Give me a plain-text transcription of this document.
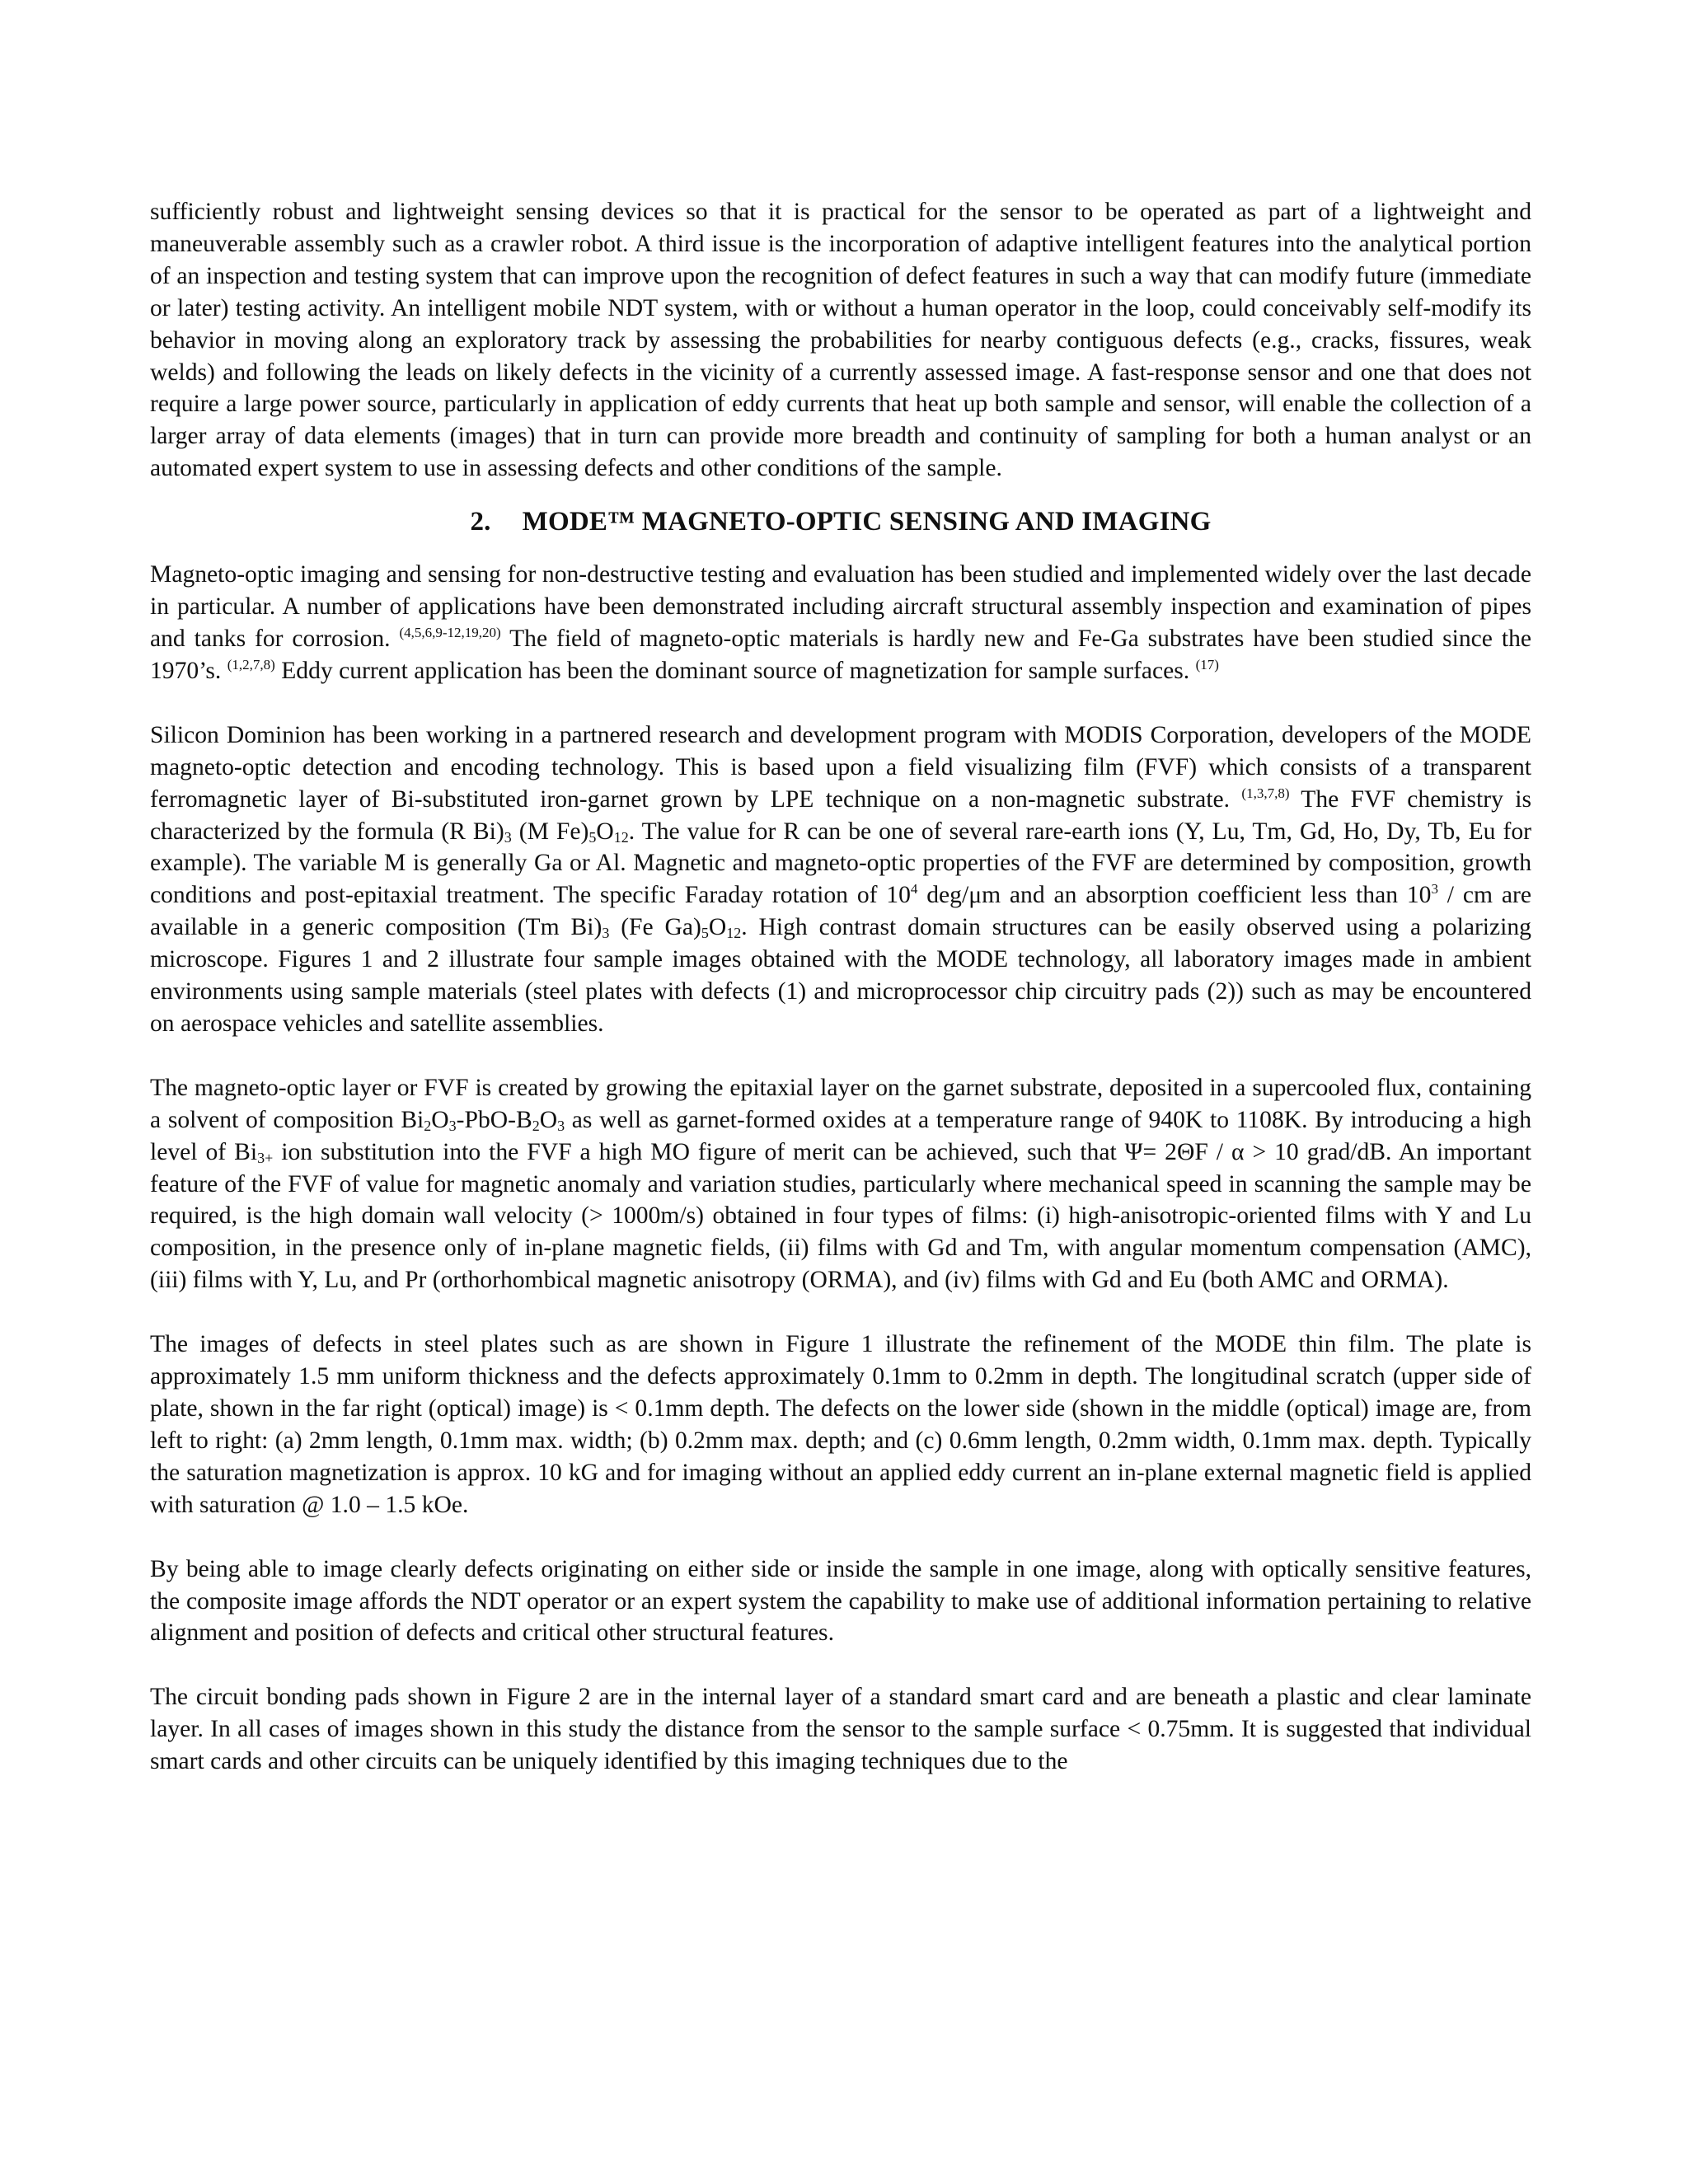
sufficiently robust and lightweight sensing devices so that it is practical for the sensor to be operated as part of a lightweight and maneuverable assembly such as a crawler robot. A third issue is the incorporation of adaptive intelligent features into the analytical portion of an inspection and testing system that can improve upon the recognition of defect features in such a way that can modify future (immediate or later) testing activity. An intelligent mobile NDT system, with or without a human operator in the loop, could conceivably self-modify its behavior in moving along an exploratory track by assessing the probabilities for nearby contiguous defects (e.g., cracks, fissures, weak welds) and following the leads on likely defects in the vicinity of a currently assessed image. A fast-response sensor and one that does not require a large power source, particularly in application of eddy currents that heat up both sample and sensor, will enable the collection of a larger array of data elements (images) that in turn can provide more breadth and continuity of sampling for both a human analyst or an automated expert system to use in assessing defects and other conditions of the sample.

2. MODE™ MAGNETO-OPTIC SENSING AND IMAGING

Magneto-optic imaging and sensing for non-destructive testing and evaluation has been studied and implemented widely over the last decade in particular. A number of applications have been demonstrated including aircraft structural assembly inspection and examination of pipes and tanks for corrosion. $^{(4,5,6,9-12,19,20)}$ The field of magneto-optic materials is hardly new and Fe-Ga substrates have been studied since the 1970’s. $^{(1,2,7,8)}$ Eddy current application has been the dominant source of magnetization for sample surfaces. $^{(17)}$

Silicon Dominion has been working in a partnered research and development program with MODIS Corporation, developers of the MODE magneto-optic detection and encoding technology. This is based upon a field visualizing film (FVF) which consists of a transparent ferromagnetic layer of Bi-substituted iron-garnet grown by LPE technique on a non-magnetic substrate. $^{(1,3,7,8)}$ The FVF chemistry is characterized by the formula (R $Bi)_3$ (M $Fe)_5O_{12}$. The value for R can be one of several rare-earth ions (Y, Lu, Tm, Gd, Ho, Dy, Tb, Eu for example). The variable M is generally Ga or Al. Magnetic and magneto-optic properties of the FVF are determined by composition, growth conditions and post-epitaxial treatment. The specific Faraday rotation of $10^4$ deg/μm and an absorption coefficient less than $10^3$ / cm are available in a generic composition (Tm $Bi)_3$ (Fe $Ga)_5O_{12}$. High contrast domain structures can be easily observed using a polarizing microscope. Figures 1 and 2 illustrate four sample images obtained with the MODE technology, all laboratory images made in ambient environments using sample materials (steel plates with defects (1) and microprocessor chip circuitry pads (2)) such as may be encountered on aerospace vehicles and satellite assemblies.

The magneto-optic layer or FVF is created by growing the epitaxial layer on the garnet substrate, deposited in a supercooled flux, containing a solvent of composition $Bi_2O_3-PbO-B_2O_3$ as well as garnet-formed oxides at a temperature range of 940K to 1108K. By introducing a high level of $Bi_{3+}$ ion substitution into the FVF a high MO figure of merit can be achieved, such that Ψ= 2ΘF / α > 10 grad/dB. An important feature of the FVF of value for magnetic anomaly and variation studies, particularly where mechanical speed in scanning the sample may be required, is the high domain wall velocity (> 1000m/s) obtained in four types of films: (i) high-anisotropic-oriented films with Y and Lu composition, in the presence only of in-plane magnetic fields, (ii) films with Gd and Tm, with angular momentum compensation (AMC), (iii) films with Y, Lu, and Pr (orthorhombical magnetic anisotropy (ORMA), and (iv) films with Gd and Eu (both AMC and ORMA).

The images of defects in steel plates such as are shown in Figure 1 illustrate the refinement of the MODE thin film. The plate is approximately 1.5 mm uniform thickness and the defects approximately 0.1mm to 0.2mm in depth. The longitudinal scratch (upper side of plate, shown in the far right (optical) image) is < 0.1mm depth. The defects on the lower side (shown in the middle (optical) image are, from left to right: (a) 2mm length, 0.1mm max. width; (b) 0.2mm max. depth; and (c) 0.6mm length, 0.2mm width, 0.1mm max. depth. Typically the saturation magnetization is approx. 10 kG and for imaging without an applied eddy current an in-plane external magnetic field is applied with saturation @ 1.0 – 1.5 kOe.

By being able to image clearly defects originating on either side or inside the sample in one image, along with optically sensitive features, the composite image affords the NDT operator or an expert system the capability to make use of additional information pertaining to relative alignment and position of defects and critical other structural features.

The circuit bonding pads shown in Figure 2 are in the internal layer of a standard smart card and are beneath a plastic and clear laminate layer. In all cases of images shown in this study the distance from the sensor to the sample surface < 0.75mm. It is suggested that individual smart cards and other circuits can be uniquely identified by this imaging techniques due to the
